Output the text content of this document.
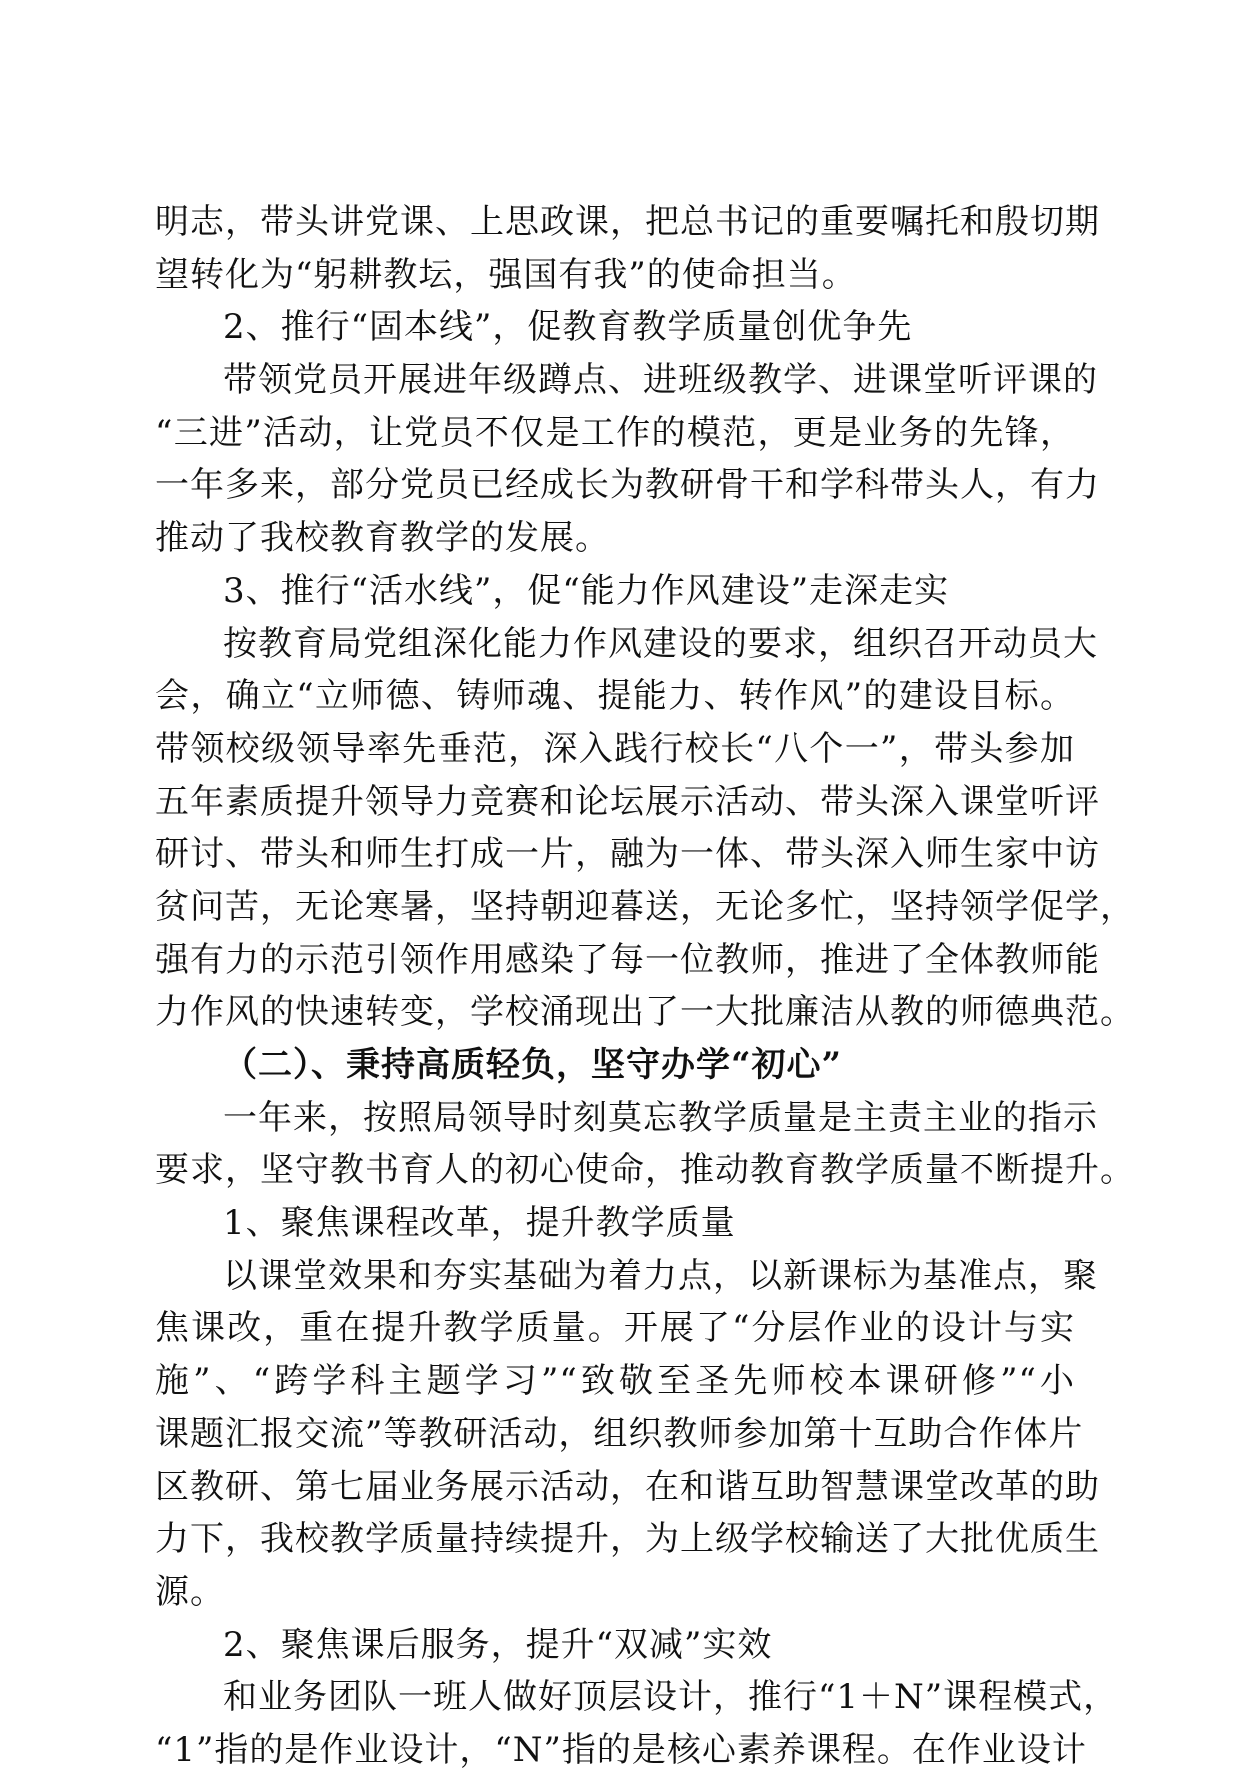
明志，带头讲党课、上思政课，把总书记的重要嘱托和殷切期
望转化为“躬耕教坛，强国有我”的使命担当。
2、推行“固本线”，促教育教学质量创优争先
带领党员开展进年级蹲点、进班级教学、进课堂听评课的
“三进”活动，让党员不仅是工作的模范，更是业务的先锋，
一年多来，部分党员已经成长为教研骨干和学科带头人，有力
推动了我校教育教学的发展。
3、推行“活水线”，促“能力作风建设”走深走实
按教育局党组深化能力作风建设的要求，组织召开动员大
会，确立“立师德、铸师魂、提能力、转作风”的建设目标。
带领校级领导率先垂范，深入践行校长“八个一”，带头参加
五年素质提升领导力竞赛和论坛展示活动、带头深入课堂听评
研讨、带头和师生打成一片，融为一体、带头深入师生家中访
贫问苦，无论寒暑，坚持朝迎暮送，无论多忙，坚持领学促学，
强有力的示范引领作用感染了每一位教师，推进了全体教师能
力作风的快速转变，学校涌现出了一大批廉洁从教的师德典范。
（二）、秉持高质轻负，坚守办学“初心”
一年来，按照局领导时刻莫忘教学质量是主责主业的指示
要求，坚守教书育人的初心使命，推动教育教学质量不断提升。
1、聚焦课程改革，提升教学质量
以课堂效果和夯实基础为着力点，以新课标为基准点，聚
焦课改，重在提升教学质量。开展了“分层作业的设计与实
施”、“跨学科主题学习”“致敬至圣先师校本课研修”“小
课题汇报交流”等教研活动，组织教师参加第十互助合作体片
区教研、第七届业务展示活动，在和谐互助智慧课堂改革的助
力下，我校教学质量持续提升，为上级学校输送了大批优质生
源。
2、聚焦课后服务，提升“双减”实效
和业务团队一班人做好顶层设计，推行“1＋N”课程模式，
“1”指的是作业设计，“N”指的是核心素养课程。在作业设计
